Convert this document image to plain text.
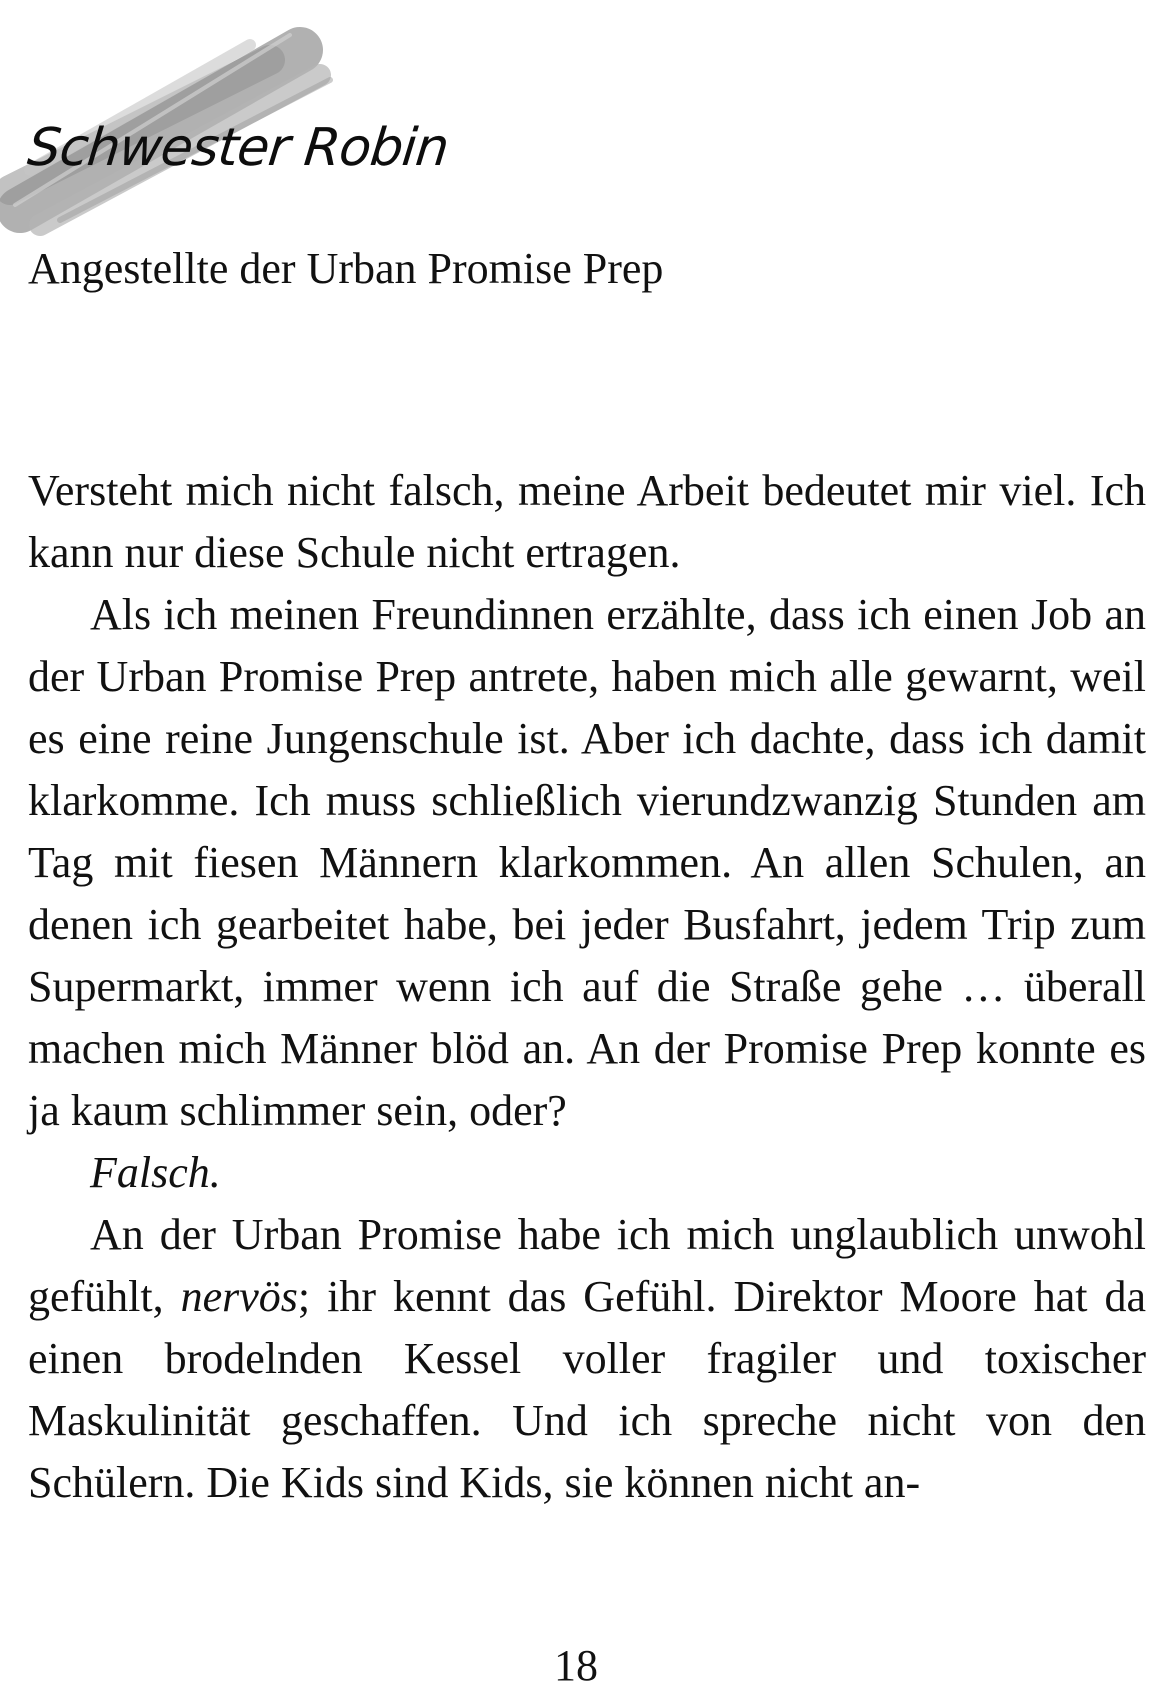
Schwester Robin

Angestellte der Urban Promise Prep

Versteht mich nicht falsch, meine Arbeit bedeutet mir viel. Ich kann nur diese Schule nicht ertragen.

Als ich meinen Freundinnen erzählte, dass ich einen Job an der Urban Promise Prep antrete, haben mich alle gewarnt, weil es eine reine Jungenschule ist. Aber ich dachte, dass ich damit klarkomme. Ich muss schließlich vierundzwanzig Stunden am Tag mit fiesen Männern klarkommen. An allen Schulen, an denen ich gearbeitet habe, bei jeder Busfahrt, jedem Trip zum Supermarkt, immer wenn ich auf die Straße gehe … überall machen mich Männer blöd an. An der Promise Prep konnte es ja kaum schlimmer sein, oder?

Falsch.

An der Urban Promise habe ich mich unglaublich unwohl gefühlt, nervös; ihr kennt das Gefühl. Direktor Moore hat da einen brodelnden Kessel voller fragiler und toxischer Maskulinität geschaffen. Und ich spreche nicht von den Schülern. Die Kids sind Kids, sie können nicht an-

18
